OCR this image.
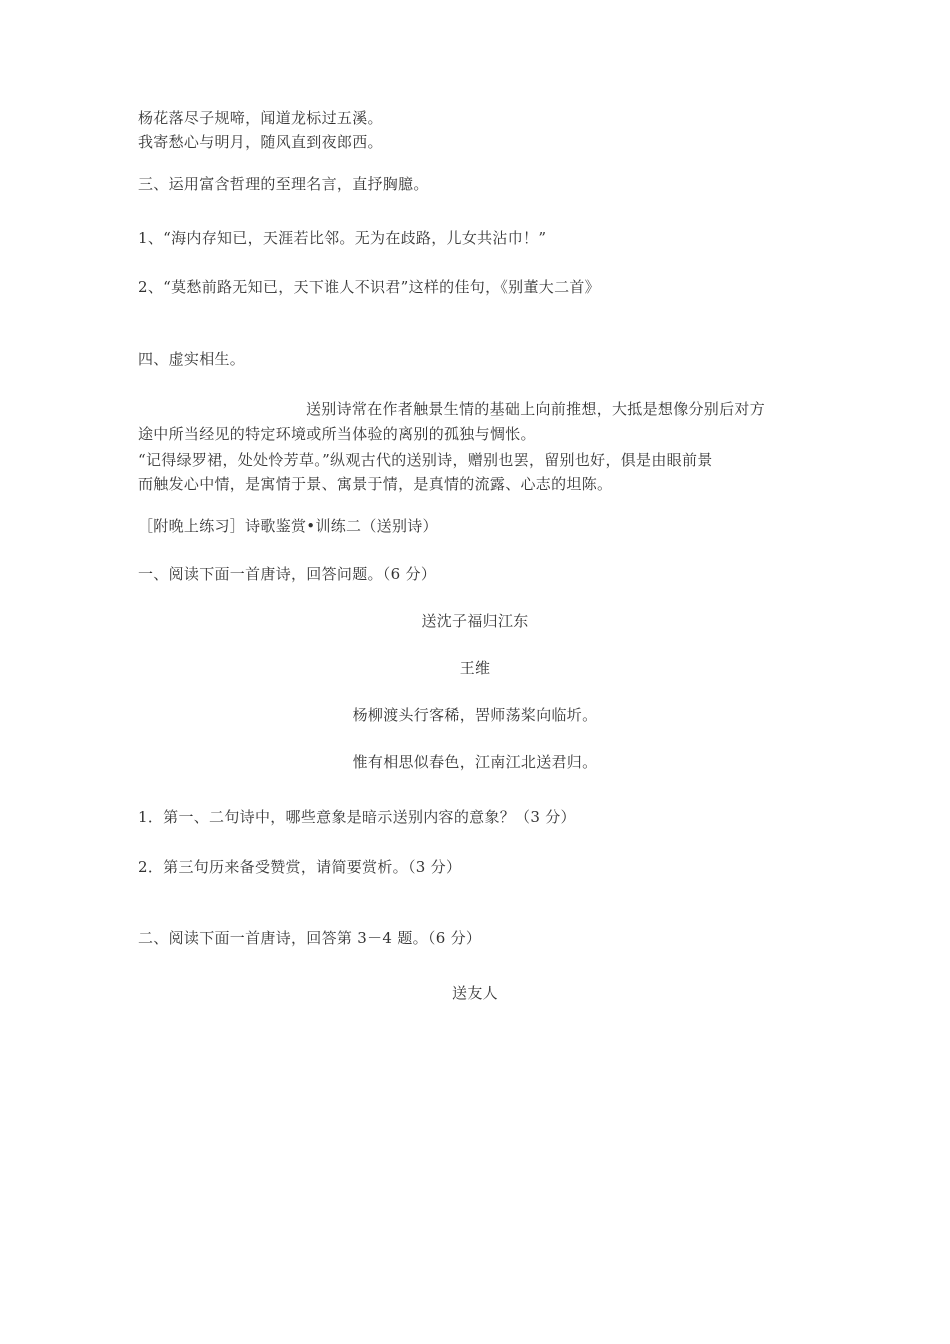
杨花落尽子规啼，闻道龙标过五溪。
我寄愁心与明月，随风直到夜郎西。
三、运用富含哲理的至理名言，直抒胸臆。
1、“海内存知已，天涯若比邻。无为在歧路，儿女共沾巾！”
2、“莫愁前路无知已，天下谁人不识君”这样的佳句，《别董大二首》
四、虚实相生。
送别诗常在作者触景生情的基础上向前推想，大抵是想像分别后对方
途中所当经见的特定环境或所当体验的离别的孤独与惆怅。
“记得绿罗裙，处处怜芳草。”纵观古代的送别诗，赠别也罢，留别也好，俱是由眼前景
而触发心中情，是寓情于景、寓景于情，是真情的流露、心志的坦陈。
［附晚上练习］诗歌鉴赏•训练二（送别诗）
一、阅读下面一首唐诗，回答问题。（6 分）
送沈子福归江东
王维
杨柳渡头行客稀，罟师荡桨向临圻。
惟有相思似春色，江南江北送君归。
1．第一、二句诗中，哪些意象是暗示送别内容的意象？（3 分）
2．第三句历来备受赞赏，请简要赏析。（3 分）
二、阅读下面一首唐诗，回答第 3－4 题。（6 分）
送友人
